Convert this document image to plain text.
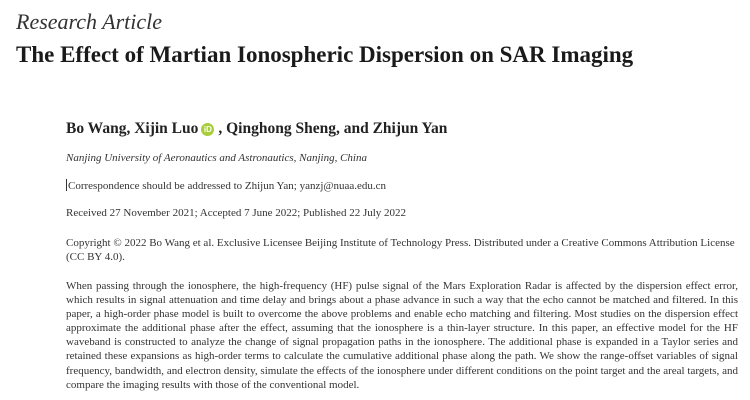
Research Article
The Effect of Martian Ionospheric Dispersion on SAR Imaging
Bo Wang, Xijin Luo iD , Qinghong Sheng, and Zhijun Yan
Nanjing University of Aeronautics and Astronautics, Nanjing, China
Correspondence should be addressed to Zhijun Yan; yanzj@nuaa.edu.cn
Received 27 November 2021; Accepted 7 June 2022; Published 22 July 2022
Copyright © 2022 Bo Wang et al. Exclusive Licensee Beijing Institute of Technology Press. Distributed under a Creative Commons Attribution License (CC BY 4.0).
When passing through the ionosphere, the high-frequency (HF) pulse signal of the Mars Exploration Radar is affected by the dispersion effect error, which results in signal attenuation and time delay and brings about a phase advance in such a way that the echo cannot be matched and filtered. In this paper, a high-order phase model is built to overcome the above problems and enable echo matching and filtering. Most studies on the dispersion effect approximate the additional phase after the effect, assuming that the ionosphere is a thin-layer structure. In this paper, an effective model for the HF waveband is constructed to analyze the change of signal propagation paths in the ionosphere. The additional phase is expanded in a Taylor series and retained these expansions as high-order terms to calculate the cumulative additional phase along the path. We show the range-offset variables of signal frequency, bandwidth, and electron density, simulate the effects of the ionosphere under different conditions on the point target and the areal targets, and compare the imaging results with those of the conventional model.
